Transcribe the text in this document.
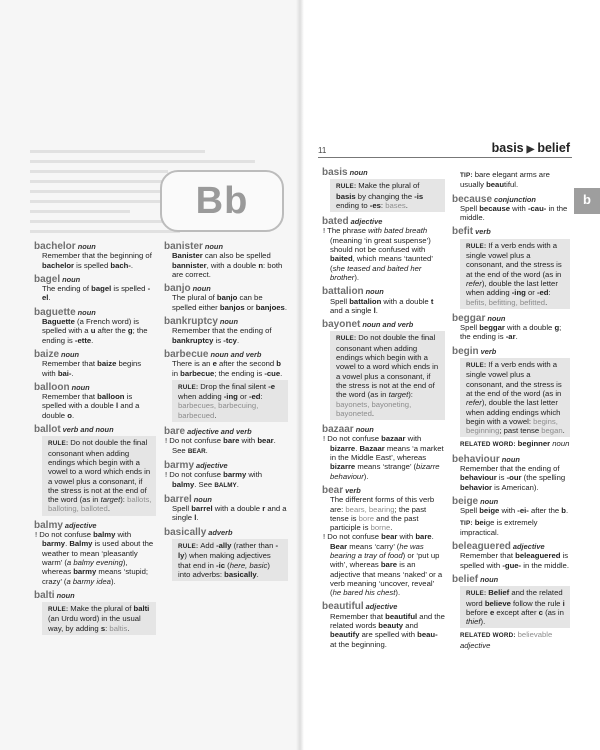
Bb
11	basis ▶ belief
b
bachelor noun
Remember that the beginning of bachelor is spelled bach-.
bagel noun
The ending of bagel is spelled -el.
baguette noun
Baguette (a French word) is spelled with a u after the g; the ending is -ette.
baize noun
Remember that baize begins with bai-.
balloon noun
Remember that balloon is spelled with a double l and a double o.
ballot verb and noun
RULE: Do not double the final consonant when adding endings which begin with a vowel to a word which ends in a vowel plus a consonant, if the stress is not at the end of the word (as in target): ballots, balloting, balloted.
balmy adjective

! Do not confuse balmy with barmy. Balmy is used about the weather to mean ‘pleasantly warm’ (a balmy evening), whereas barmy means ‘stupid; crazy’ (a barmy idea).

balti noun
RULE: Make the plural of balti (an Urdu word) in the usual way, by adding s: baltis.
banister noun
Banister can also be spelled bannister, with a double n: both are correct.
banjo noun
The plural of banjo can be spelled either banjos or banjoes.
bankruptcy noun
Remember that the ending of bankruptcy is -tcy.
barbecue noun and verb
There is an e after the second b in barbecue; the ending is -cue.
RULE: Drop the final silent -e when adding -ing or -ed: barbecues, barbecuing, barbecued.
bare adjective and verb

! Do not confuse bare with bear. See BEAR.

barmy adjective

! Do not confuse barmy with balmy. See BALMY.

barrel noun
Spell barrel with a double r and a single l.
basically adverb
RULE: Add -ally (rather than -ly) when making adjectives that end in -ic (here, basic) into adverbs: basically.
basis noun
RULE: Make the plural of basis by changing the -is ending to -es: bases.
bated adjective

! The phrase with bated breath (meaning ‘in great suspense’) should not be confused with baited, which means ‘taunted’ (she teased and baited her brother).

battalion noun
Spell battalion with a double t and a single l.
bayonet noun and verb
RULE: Do not double the final consonant when adding endings which begin with a vowel to a word which ends in a vowel plus a consonant, if the stress is not at the end of the word (as in target): bayonets, bayoneting, bayoneted.
bazaar noun

! Do not confuse bazaar with bizarre. Bazaar means ‘a market in the Middle East’, whereas bizarre means ‘strange’ (bizarre behaviour).

bear verb
The different forms of this verb are: bears, bearing; the past tense is bore and the past participle is borne.

! Do not confuse bear with bare. Bear means ‘carry’ (he was bearing a tray of food) or ‘put up with’, whereas bare is an adjective that means ‘naked’ or a verb meaning ‘uncover, reveal’ (he bared his chest).

beautiful adjective
Remember that beautiful and the related words beauty and beautify are spelled with beau- at the beginning.
TIP: bare elegant arms are usually beautiful.
because conjunction
Spell because with -cau- in the middle.
befit verb
RULE: If a verb ends with a single vowel plus a consonant, and the stress is at the end of the word (as in refer), double the last letter when adding -ing or -ed: befits, befitting, befitted.
beggar noun
Spell beggar with a double g; the ending is -ar.
begin verb
RULE: If a verb ends with a single vowel plus a consonant, and the stress is at the end of the word (as in refer), double the last letter when adding endings which begin with a vowel: begins, beginning; past tense began.
RELATED WORD: beginner noun
behaviour noun
Remember that the ending of behaviour is -our (the spelling behavior is American).
beige noun
Spell beige with -ei- after the b.
TIP: beige is extremely impractical.
beleaguered adjective
Remember that beleaguered is spelled with -gue- in the middle.
belief noun
RULE: Belief and the related word believe follow the rule i before e except after c (as in thief).
RELATED WORD: believable adjective
